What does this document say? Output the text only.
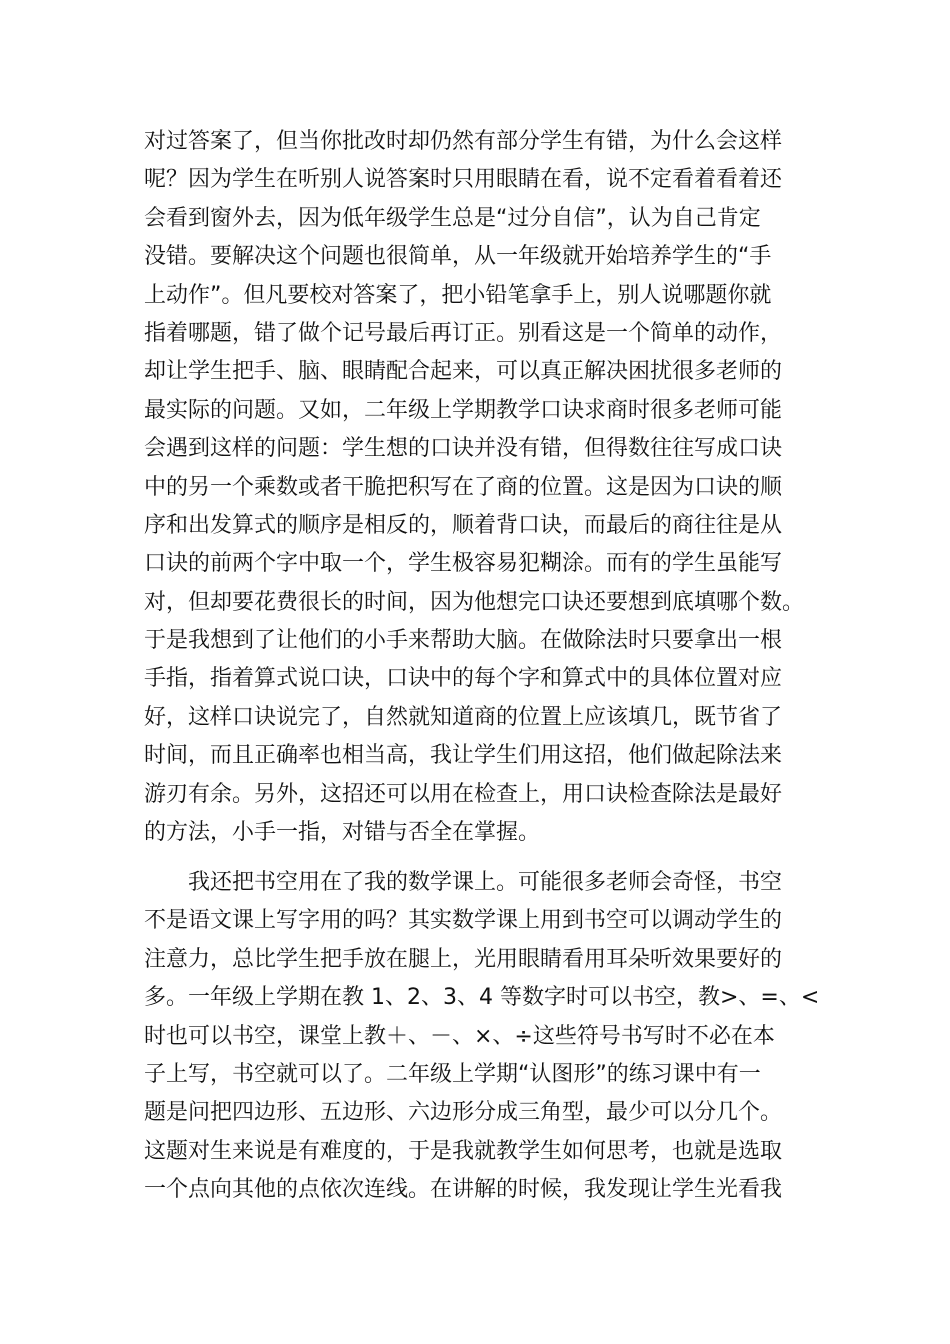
对过答案了，但当你批改时却仍然有部分学生有错，为什么会这样
呢？因为学生在听别人说答案时只用眼睛在看，说不定看着看着还
会看到窗外去，因为低年级学生总是“过分自信”，认为自己肯定
没错。要解决这个问题也很简单，从一年级就开始培养学生的“手
上动作”。但凡要校对答案了，把小铅笔拿手上，别人说哪题你就
指着哪题，错了做个记号最后再订正。别看这是一个简单的动作，
却让学生把手、脑、眼睛配合起来，可以真正解决困扰很多老师的
最实际的问题。又如，二年级上学期教学口诀求商时很多老师可能
会遇到这样的问题：学生想的口诀并没有错，但得数往往写成口诀
中的另一个乘数或者干脆把积写在了商的位置。这是因为口诀的顺
序和出发算式的顺序是相反的，顺着背口诀，而最后的商往往是从
口诀的前两个字中取一个，学生极容易犯糊涂。而有的学生虽能写
对，但却要花费很长的时间，因为他想完口诀还要想到底填哪个数。
于是我想到了让他们的小手来帮助大脑。在做除法时只要拿出一根
手指，指着算式说口诀，口诀中的每个字和算式中的具体位置对应
好，这样口诀说完了，自然就知道商的位置上应该填几，既节省了
时间，而且正确率也相当高，我让学生们用这招，他们做起除法来
游刃有余。另外，这招还可以用在检查上，用口诀检查除法是最好
的方法，小手一指，对错与否全在掌握。
　　我还把书空用在了我的数学课上。可能很多老师会奇怪，书空
不是语文课上写字用的吗？其实数学课上用到书空可以调动学生的
注意力，总比学生把手放在腿上，光用眼睛看用耳朵听效果要好的
多。一年级上学期在教 1、2、3、4 等数字时可以书空，教>、=、<
时也可以书空，课堂上教＋、－、×、÷这些符号书写时不必在本
子上写，书空就可以了。二年级上学期“认图形”的练习课中有一
题是问把四边形、五边形、六边形分成三角型，最少可以分几个。
这题对生来说是有难度的，于是我就教学生如何思考，也就是选取
一个点向其他的点依次连线。在讲解的时候，我发现让学生光看我
